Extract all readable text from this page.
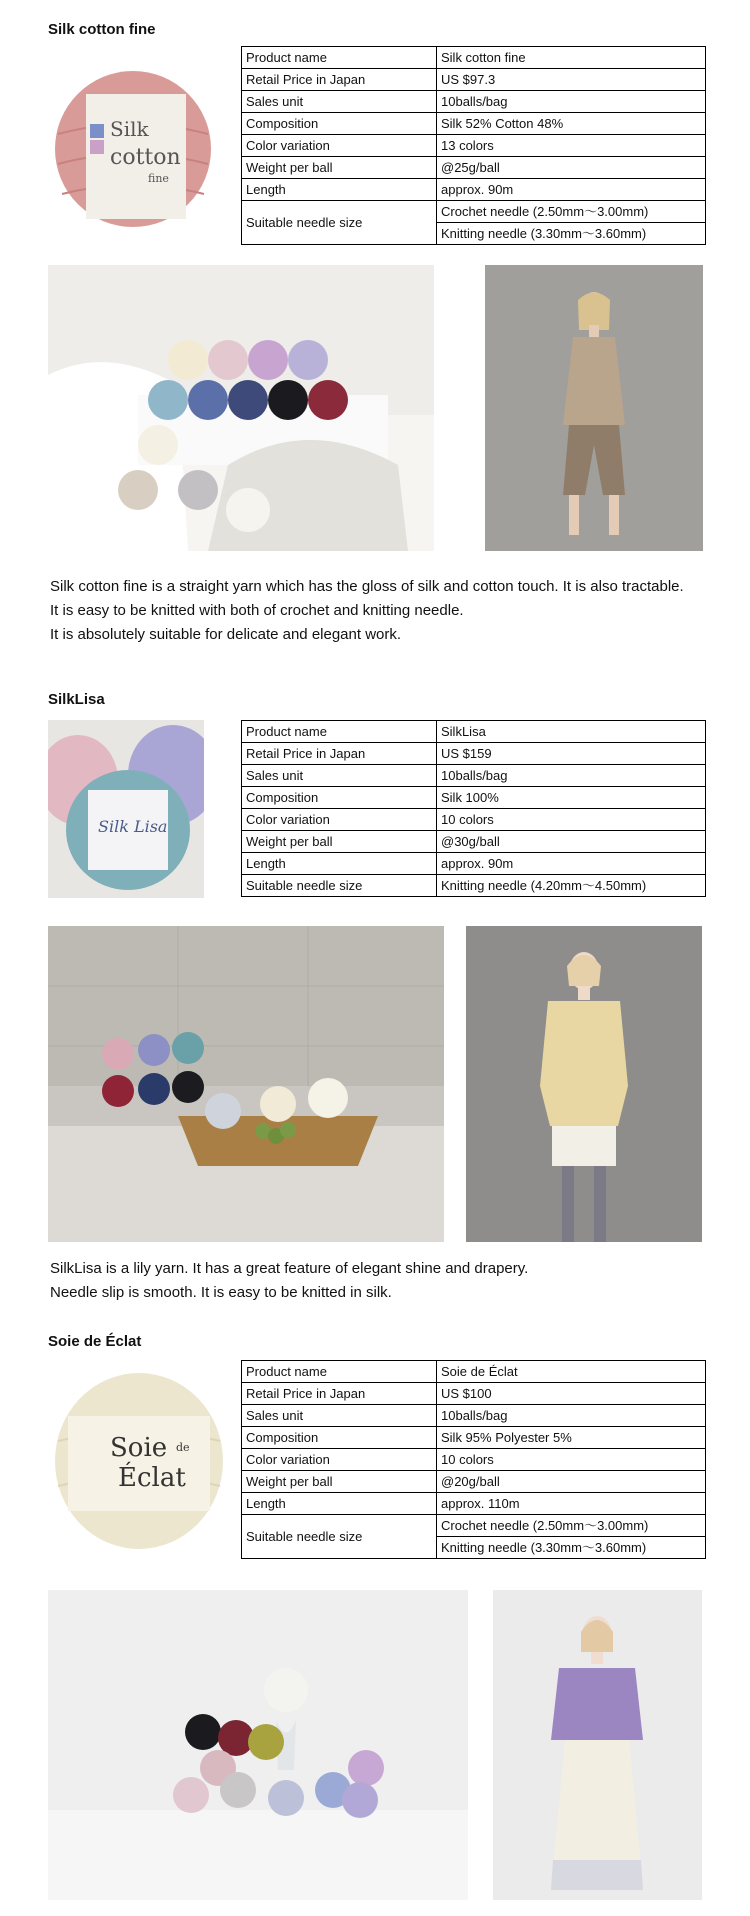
Silk cotton fine
Silk
cotton
fine
Product name	Silk cotton fine
Retail Price in Japan	US $97.3
Sales unit	10balls/bag
Composition	Silk 52% Cotton 48%
Color variation	13 colors
Weight per ball	@25g/ball
Length	approx. 90m
Suitable needle size	Crochet needle (2.50mm～3.00mm)
	Knitting needle (3.30mm～3.60mm)

Silk cotton fine is a straight yarn which has the gloss of silk and cotton touch. It is also tractable.

It is easy to be knitted with both of crochet and knitting needle.

It is absolutely suitable for delicate and elegant work.

SilkLisa
Silk Lisa
Product name	SilkLisa
Retail Price in Japan	US $159
Sales unit	10balls/bag
Composition	Silk 100%
Color variation	10 colors
Weight per ball	@30g/ball
Length	approx. 90m
Suitable needle size	Knitting needle (4.20mm～4.50mm)

SilkLisa is a lily yarn. It has a great feature of elegant shine and drapery.

Needle slip is smooth. It is easy to be knitted in silk.

Soie de Éclat
Soie de
Éclat
Product name	Soie de Éclat
Retail Price in Japan	US $100
Sales unit	10balls/bag
Composition	Silk 95% Polyester 5%
Color variation	10 colors
Weight per ball	@20g/ball
Length	approx. 110m
Suitable needle size	Crochet needle (2.50mm～3.00mm)
	Knitting needle (3.30mm～3.60mm)
